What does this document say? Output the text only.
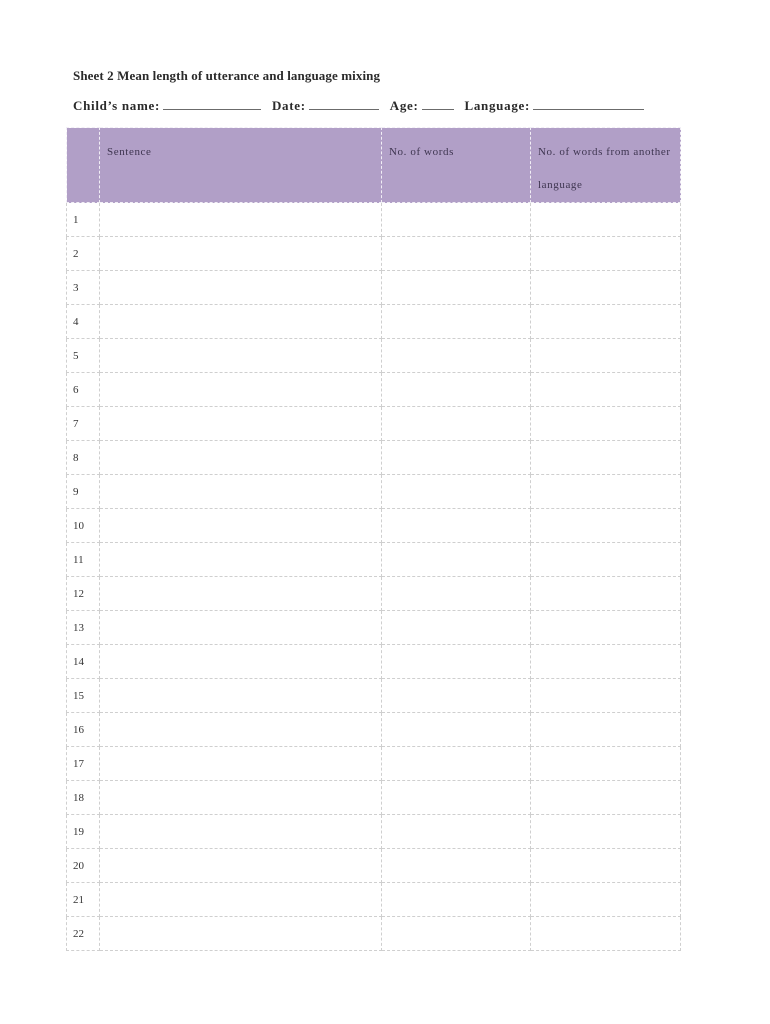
Sheet 2 Mean length of utterance and language mixing
Child’s name:	Date:	Age:	Language:
	Sentence	No. of words	No. of words from another language
1			
2			
3			
4			
5			
6			
7			
8			
9			
10			
11			
12			
13			
14			
15			
16			
17			
18			
19			
20			
21			
22			
